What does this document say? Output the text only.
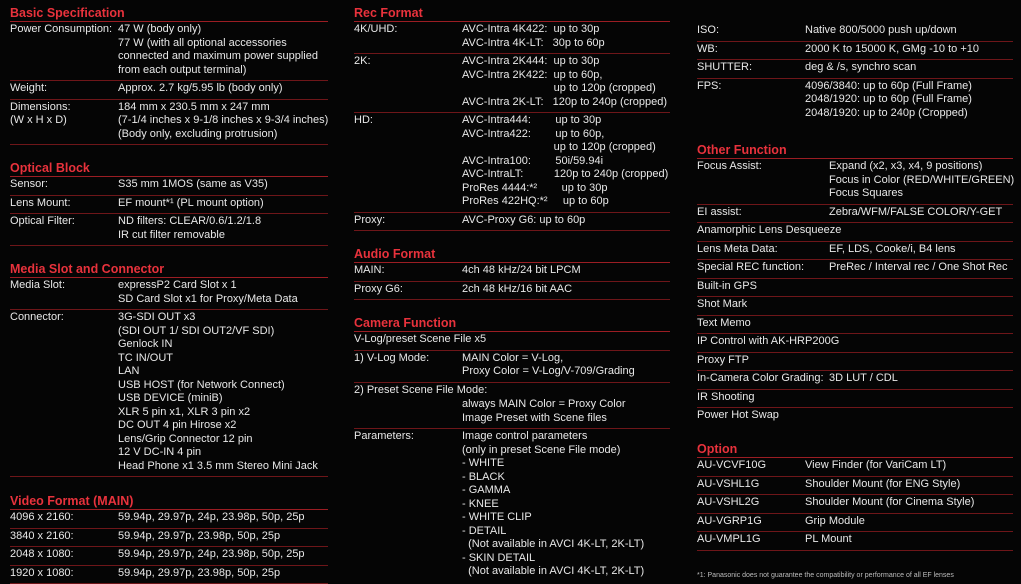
Basic Specification
Power Consumption: 47 W (body only)
77 W (with all optional accessories
connected and maximum power supplied
from each output terminal)
Weight:	Approx. 2.7 kg/5.95 lb (body only)
Dimensions:
(W x H x D)
184 mm x 230.5 mm x 247 mm
(7-1/4 inches x 9-1/8 inches x 9-3/4 inches)
(Body only, excluding protrusion)
Optical Block
Sensor:	S35 mm 1MOS (same as V35)
Lens Mount:	EF mount*¹ (PL mount option)
Optical Filter:	ND filters: CLEAR/0.6/1.2/1.8
IR cut filter removable
Media Slot and Connector
Media Slot:	expressP2 Card Slot x 1
SD Card Slot x1 for Proxy/Meta Data
Connector:	3G-SDI OUT x3
(SDI OUT 1/ SDI OUT2/VF SDI)
Genlock IN
TC IN/OUT
LAN
USB HOST (for Network Connect)
USB DEVICE (miniB)
XLR 5 pin x1, XLR 3 pin x2
DC OUT 4 pin Hirose x2
Lens/Grip Connector 12 pin
12 V DC-IN 4 pin
Head Phone x1 3.5 mm Stereo Mini Jack
Video Format (MAIN)
4096 x 2160:	59.94p, 29.97p, 24p, 23.98p, 50p, 25p
3840 x 2160:	59.94p, 29.97p, 23.98p, 50p, 25p
2048 x 1080:	59.94p, 29.97p, 24p, 23.98p, 50p, 25p
1920 x 1080:	59.94p, 29.97p, 23.98p, 50p, 25p
Rec Format
4K/UHD:	AVC-Intra 4K422:  up to 30p
AVC-Intra 4K-LT:   30p to 60p
2K:	AVC-Intra 2K444:  up to 30p
AVC-Intra 2K422:  up to 60p,
up to 120p (cropped)
AVC-Intra 2K-LT:   120p to 240p (cropped)
HD:	AVC-Intra444:        up to 30p
AVC-Intra422:        up to 60p,
up to 120p (cropped)
AVC-Intra100:        50i/59.94i
AVC-IntraLT:          120p to 240p (cropped)
ProRes 4444:*²        up to 30p
ProRes 422HQ:*²     up to 60p
Proxy:	AVC-Proxy G6: up to 60p
Audio Format
MAIN:	4ch 48 kHz/24 bit LPCM
Proxy G6:	2ch 48 kHz/16 bit AAC
Camera Function
V-Log/preset Scene File x5
1) V-Log Mode:	MAIN Color = V-Log,
Proxy Color = V-Log/V-709/Grading
2) Preset Scene File Mode:
always MAIN Color = Proxy Color
Image Preset with Scene files
Parameters:	Image control parameters
(only in preset Scene File mode)
- WHITE
- BLACK
- GAMMA
- KNEE
- WHITE CLIP
- DETAIL
(Not available in AVCI 4K-LT, 2K-LT)
- SKIN DETAIL
(Not available in AVCI 4K-LT, 2K-LT)
ISO:	Native 800/5000 push up/down
WB:	2000 K to 15000 K, GMg -10 to +10
SHUTTER:	deg & /s, synchro scan
FPS:	4096/3840: up to 60p (Full Frame)
2048/1920: up to 60p (Full Frame)
2048/1920: up to 240p (Cropped)
Other Function
Focus Assist:	Expand (x2, x3, x4, 9 positions)
Focus in Color (RED/WHITE/GREEN)
Focus Squares
EI assist:	Zebra/WFM/FALSE COLOR/Y-GET
Anamorphic Lens Desqueeze
Lens Meta Data:	EF, LDS, Cooke/i, B4 lens
Special REC function:	PreRec / Interval rec / One Shot Rec
Built-in GPS
Shot Mark
Text Memo
IP Control with AK-HRP200G
Proxy FTP
In-Camera Color Grading: 3D LUT / CDL
IR Shooting
Power Hot Swap
Option
AU-VCVF10G	View Finder (for VariCam LT)
AU-VSHL1G	Shoulder Mount (for ENG Style)
AU-VSHL2G	Shoulder Mount (for Cinema Style)
AU-VGRP1G	Grip Module
AU-VMPL1G	PL Mount
*1: Panasonic does not guarantee the compatibility or performance of all EF lenses
